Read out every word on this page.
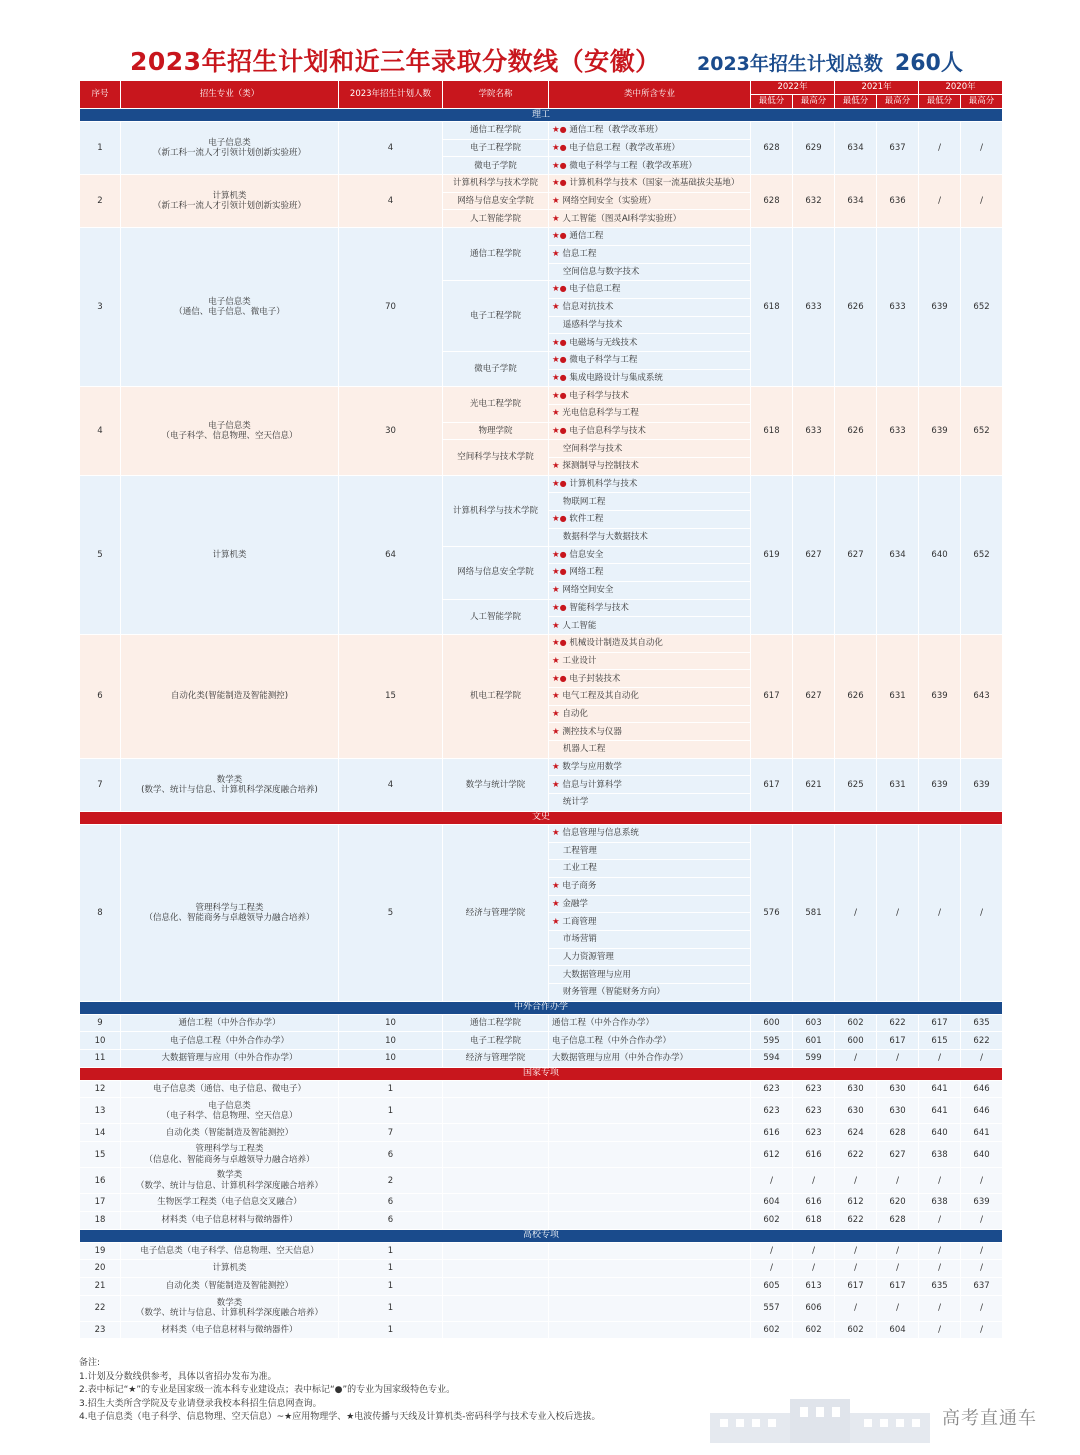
2023年招生计划和近三年录取分数线（安徽） 2023年招生计划总数 260人
序号	招生专业（类）	2023年招生计划人数	学院名称	类中所含专业	2022年		2021年		2020年	
					最低分	最高分	最低分	最高分	最低分	最高分
理工										
1	电子信息类
（新工科一流人才引领计划创新实验班）	4	通信工程学院	★● 通信工程（教学改革班）	628	629	634	637	/	/
			电子工程学院	★● 电子信息工程（教学改革班）						
			微电子学院	★● 微电子科学与工程（教学改革班）						
2	计算机类
（新工科一流人才引领计划创新实验班）	4	计算机科学与技术学院	★● 计算机科学与技术（国家一流基础拔尖基地）	628	632	634	636	/	/
			网络与信息安全学院	★ 网络空间安全（实验班）						
			人工智能学院	★ 人工智能（图灵AI科学实验班）						
3	电子信息类
（通信、电子信息、微电子）	70	通信工程学院	★● 通信工程	618	633	626	633	639	652
				★ 信息工程						
				空间信息与数字技术						
			电子工程学院	★● 电子信息工程						
				★ 信息对抗技术						
				遥感科学与技术						
				★● 电磁场与无线技术						
			微电子学院	★● 微电子科学与工程						
				★● 集成电路设计与集成系统						
4	电子信息类
（电子科学、信息物理、空天信息）	30	光电工程学院	★● 电子科学与技术	618	633	626	633	639	652
				★ 光电信息科学与工程						
			物理学院	★● 电子信息科学与技术						
			空间科学与技术学院	空间科学与技术						
				★ 探测制导与控制技术						
5	计算机类	64	计算机科学与技术学院	★● 计算机科学与技术	619	627	627	634	640	652
				物联网工程						
				★● 软件工程						
				数据科学与大数据技术						
			网络与信息安全学院	★● 信息安全						
				★● 网络工程						
				★ 网络空间安全						
			人工智能学院	★● 智能科学与技术						
				★ 人工智能						
6	自动化类(智能制造及智能测控)	15	机电工程学院	★● 机械设计制造及其自动化	617	627	626	631	639	643
				★ 工业设计						
				★● 电子封装技术						
				★ 电气工程及其自动化						
				★ 自动化						
				★ 测控技术与仪器						
				机器人工程						
7	数学类
(数学、统计与信息、计算机科学深度融合培养)	4	数学与统计学院	★ 数学与应用数学	617	621	625	631	639	639
				★ 信息与计算科学						
				统计学						
文史										
8	管理科学与工程类
（信息化、智能商务与卓越领导力融合培养）	5	经济与管理学院	★ 信息管理与信息系统	576	581	/	/	/	/
				工程管理						
				工业工程						
				★ 电子商务						
				★ 金融学						
				★ 工商管理						
				市场营销						
				人力资源管理						
				大数据管理与应用						
				财务管理（智能财务方向）						
中外合作办学										
9	通信工程（中外合作办学）	10	通信工程学院	通信工程（中外合作办学）	600	603	602	622	617	635
10	电子信息工程（中外合作办学）	10	电子工程学院	电子信息工程（中外合作办学）	595	601	600	617	615	622
11	大数据管理与应用（中外合作办学）	10	经济与管理学院	大数据管理与应用（中外合作办学）	594	599	/	/	/	/
国家专项										
12	电子信息类（通信、电子信息、微电子）	1			623	623	630	630	641	646
13	电子信息类
（电子科学、信息物理、空天信息）	1			623	623	630	630	641	646
14	自动化类（智能制造及智能测控）	7			616	623	624	628	640	641
15	管理科学与工程类
（信息化、智能商务与卓越领导力融合培养）	6			612	616	622	627	638	640
16	数学类
（数学、统计与信息、计算机科学深度融合培养）	2			/	/	/	/	/	/
17	生物医学工程类（电子信息交叉融合）	6			604	616	612	620	638	639
18	材料类（电子信息材料与微纳器件）	6			602	618	622	628	/	/
高校专项										
19	电子信息类（电子科学、信息物理、空天信息）	1			/	/	/	/	/	/
20	计算机类	1			/	/	/	/	/	/
21	自动化类（智能制造及智能测控）	1			605	613	617	617	635	637
22	数学类
（数学、统计与信息、计算机科学深度融合培养）	1			557	606	/	/	/	/
23	材料类（电子信息材料与微纳器件）	1			602	602	602	604	/	/
备注:
1.计划及分数线供参考，具体以省招办发布为准。
2.表中标记“★”的专业是国家级一流本科专业建设点；表中标记“●”的专业为国家级特色专业。
3.招生大类所含学院及专业请登录我校本科招生信息网查询。
4.电子信息类（电子科学、信息物理、空天信息）~★应用物理学、★电波传播与天线及计算机类-密码科学与技术专业入校后选拔。	高考直通车
